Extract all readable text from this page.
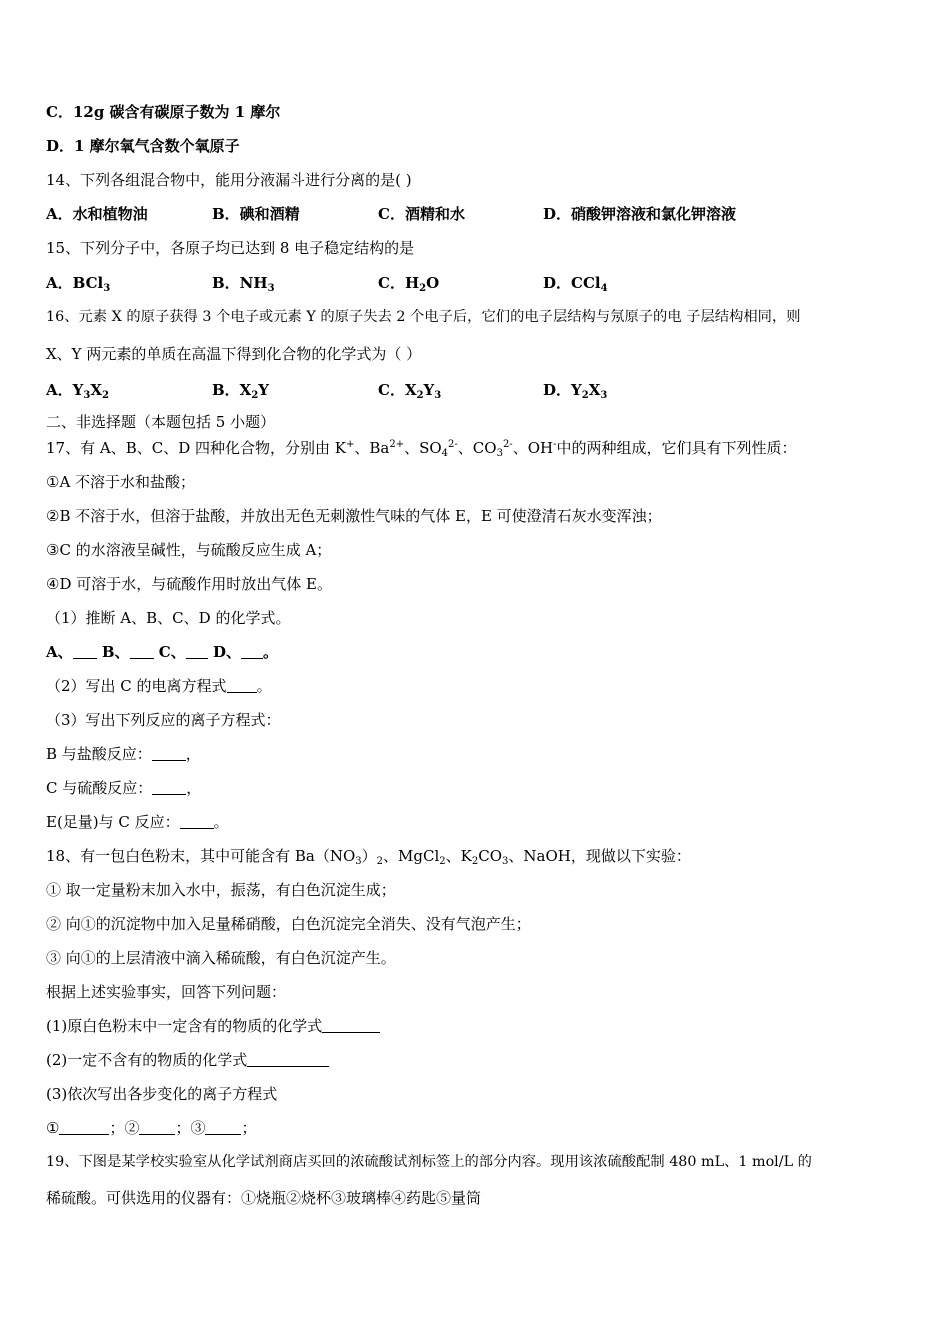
C．12g 碳含有碳原子数为 1 摩尔
D．1 摩尔氧气含数个氧原子
14、下列各组混合物中，能用分液漏斗进行分离的是( )
A．水和植物油	B．碘和酒精	C．酒精和水	D．硝酸钾溶液和氯化钾溶液
15、下列分子中，各原子均已达到 8 电子稳定结构的是
A．BCl$_3$	B．$NH_3$	C．$H_2O$	D．CCl$_4$
16、元素 X 的原子获得 3 个电子或元素 Y 的原子失去 2 个电子后，它们的电子层结构与氖原子的电 子层结构相同，则
X、Y 两元素的单质在高温下得到化合物的化学式为（ ）
A．$Y_3X_2$	B．$X_2Y$	C．$X_2Y_3$	D．$Y_2X_3$
二、非选择题（本题包括 5 小题）
17、有 A、B、C、D 四种化合物，分别由 K+、$Ba^{2+}$、$SO_4^{2-}$、$CO_3^{2-}$、OH-中的两种组成，它们具有下列性质：
①A 不溶于水和盐酸；
②B 不溶于水，但溶于盐酸，并放出无色无刺激性气味的气体 E，E 可使澄清石灰水变浑浊；
③C 的水溶液呈碱性，与硫酸反应生成 A；
④D 可溶于水，与硫酸作用时放出气体 E。
（1）推断 A、B、C、D 的化学式。
A、 B、 C、 D、 。
（2）写出 C 的电离方程式 。
（3）写出下列反应的离子方程式：
B 与盐酸反应： ，
C 与硫酸反应： ，
E(足量)与 C 反应： 。
18、有一包白色粉末，其中可能含有 $Ba(NO_3)_2$、MgCl$_2$、$K_2CO_3$、NaOH，现做以下实验：
① 取一定量粉末加入水中，振荡，有白色沉淀生成；
② 向①的沉淀物中加入足量稀硝酸，白色沉淀完全消失、没有气泡产生；
③ 向①的上层清液中滴入稀硫酸，有白色沉淀产生。
根据上述实验事实，回答下列问题：
(1)原白色粉末中一定含有的物质的化学式
(2)一定不含有的物质的化学式
(3)依次写出各步变化的离子方程式
①	；② ；③ ；
19、下图是某学校实验室从化学试剂商店买回的浓硫酸试剂标签上的部分内容。现用该浓硫酸配制 480 mL、1 mol/L 的
稀硫酸。可供选用的仪器有：①烧瓶②烧杯③玻璃棒④药匙⑤量筒
